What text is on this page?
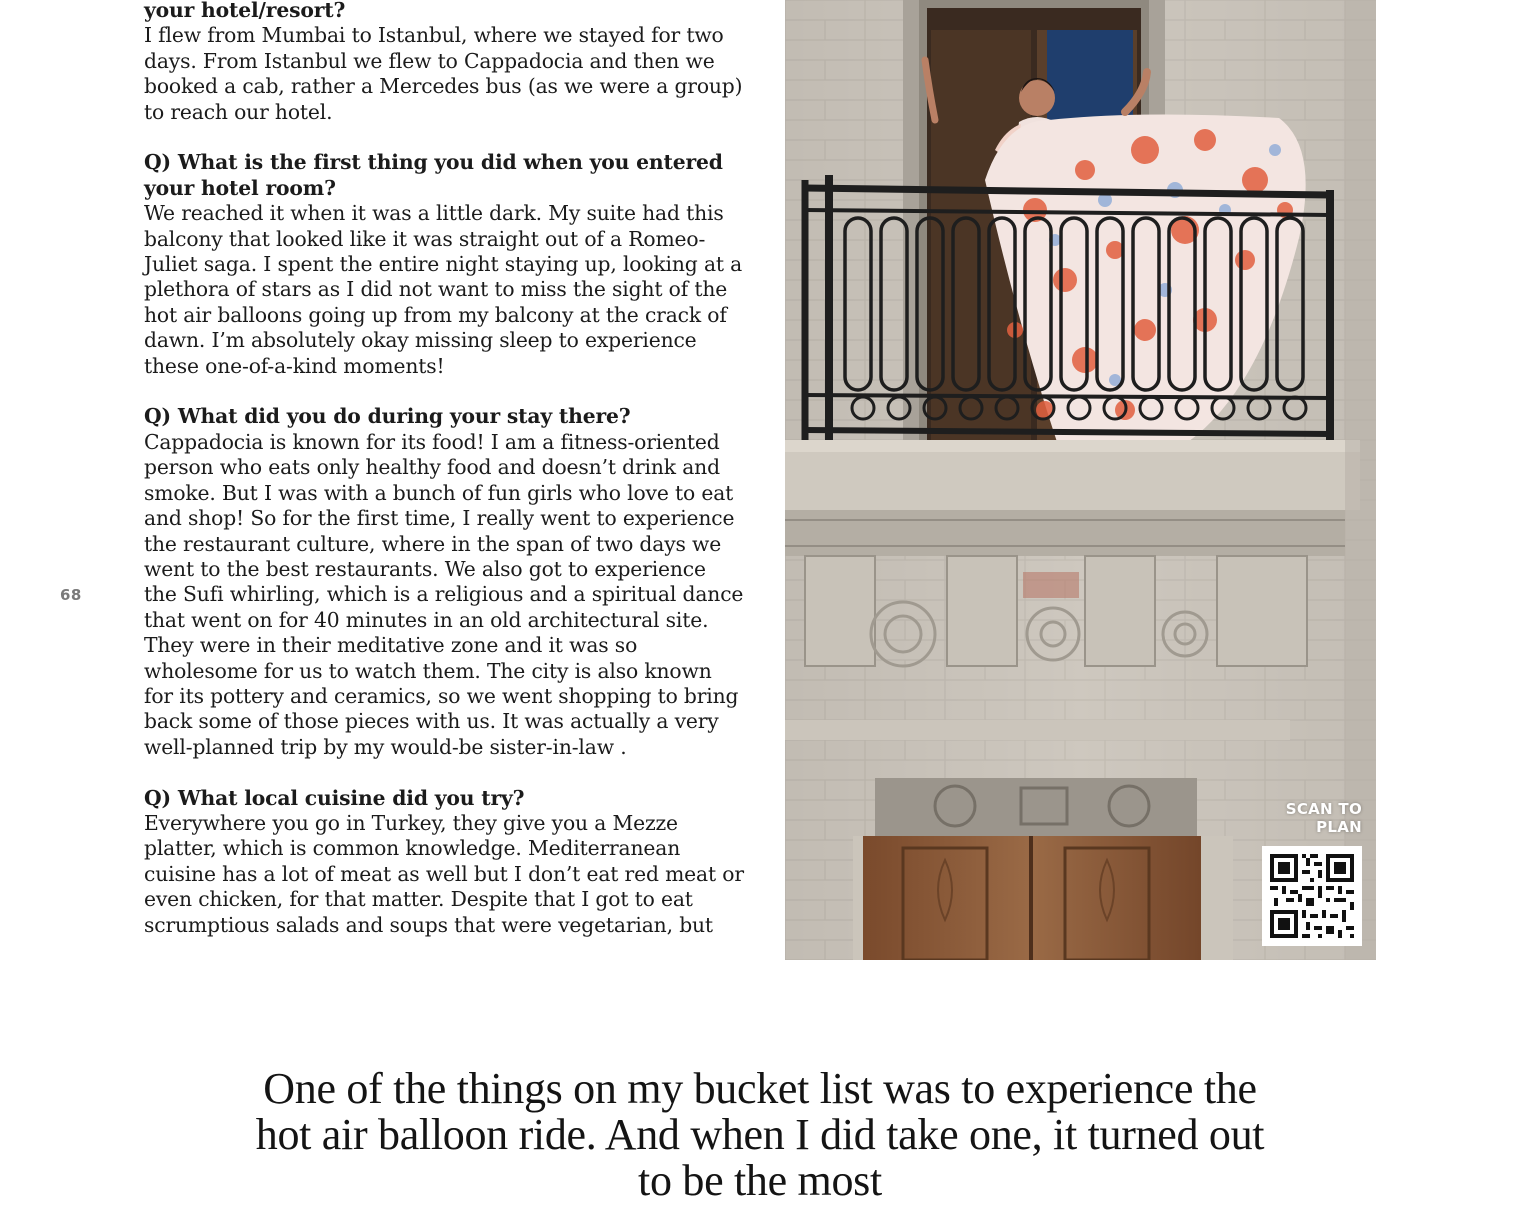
your hotel/resort?

I flew from Mumbai to Istanbul, where we stayed for two days. From Istanbul we flew to Cappadocia and then we booked a cab, rather a Mercedes bus (as we were a group) to reach our hotel.

Q) What is the first thing you did when you entered your hotel room?

We reached it when it was a little dark. My suite had this balcony that looked like it was straight out of a Romeo-Juliet saga. I spent the entire night staying up, looking at a plethora of stars as I did not want to miss the sight of the hot air balloons going up from my balcony at the crack of dawn. I’m absolutely okay missing sleep to experience these one-of-a-kind moments!

Q) What did you do during your stay there?

Cappadocia is known for its food! I am a fitness-oriented person who eats only healthy food and doesn’t drink and smoke. But I was with a bunch of fun girls who love to eat and shop! So for the first time, I really went to experience the restaurant culture, where in the span of two days we went to the best restaurants. We also got to experience the Sufi whirling, which is a religious and a spiritual dance that went on for 40 minutes in an old architectural site. They were in their meditative zone and it was so wholesome for us to watch them. The city is also known for its pottery and ceramics, so we went shopping to bring back some of those pieces with us. It was actually a very well-planned trip by my would-be sister-in-law .

Q) What local cuisine did you try?

Everywhere you go in Turkey, they give you a Mezze platter, which is common knowledge. Mediterranean cuisine has a lot of meat as well but I don’t eat red meat or even chicken, for that matter. Despite that I got to eat scrumptious salads and soups that were vegetarian, but

68
SCAN TO PLAN
One of the things on my bucket list was to experience the hot air balloon ride. And when I did take one, it turned out to be the most
